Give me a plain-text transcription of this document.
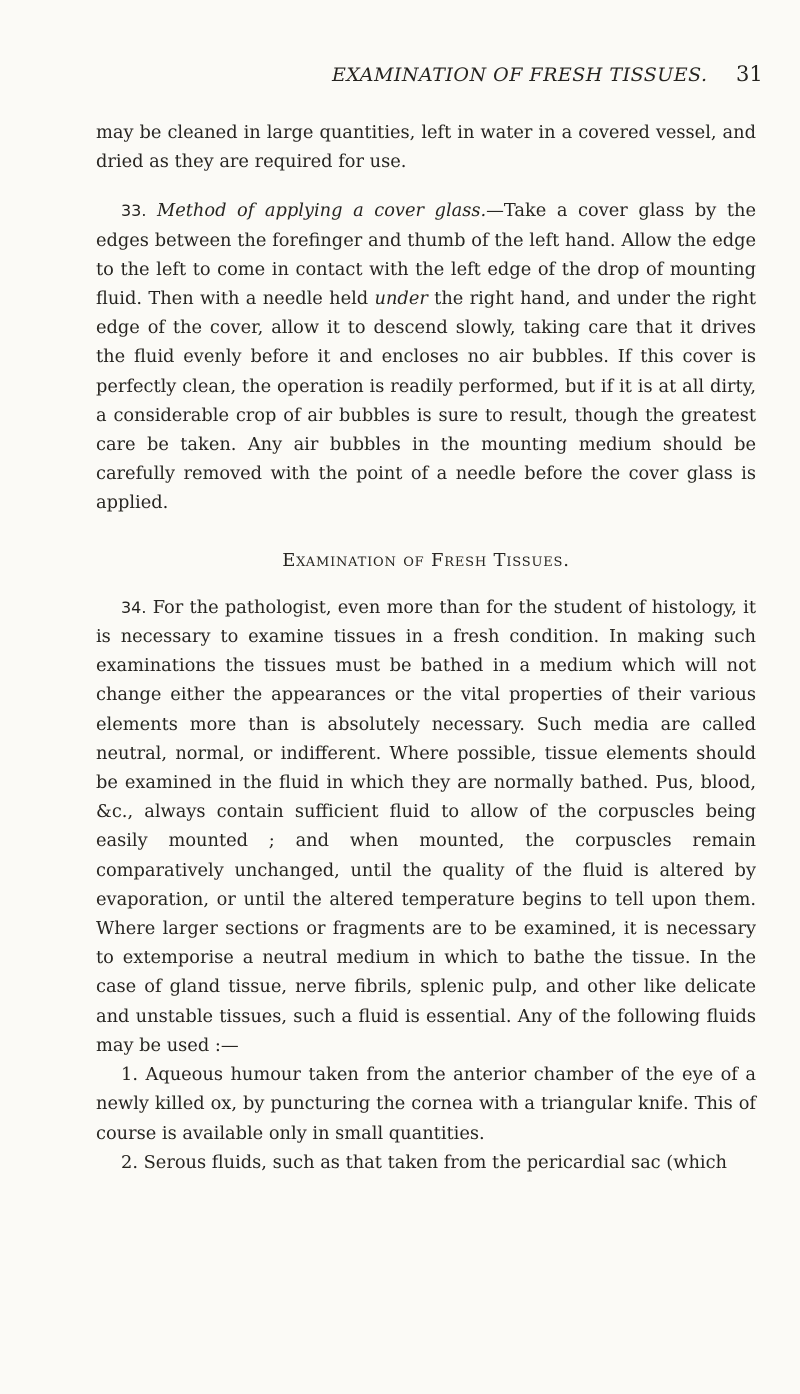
EXAMINATION OF FRESH TISSUES. 31

may be cleaned in large quantities, left in water in a covered vessel, and dried as they are required for use.

33. Method of applying a cover glass.—Take a cover glass by the edges between the forefinger and thumb of the left hand. Allow the edge to the left to come in contact with the left edge of the drop of mounting fluid. Then with a needle held under the right hand, and under the right edge of the cover, allow it to descend slowly, taking care that it drives the fluid evenly before it and encloses no air bubbles. If this cover is perfectly clean, the operation is readily performed, but if it is at all dirty, a considerable crop of air bubbles is sure to result, though the greatest care be taken. Any air bubbles in the mounting medium should be carefully removed with the point of a needle before the cover glass is applied.

Examination of Fresh Tissues.

34. For the pathologist, even more than for the student of histology, it is necessary to examine tissues in a fresh condition. In making such examinations the tissues must be bathed in a medium which will not change either the appearances or the vital properties of their various elements more than is absolutely necessary. Such media are called neutral, normal, or indifferent. Where possible, tissue elements should be examined in the fluid in which they are normally bathed. Pus, blood, &c., always contain sufficient fluid to allow of the corpuscles being easily mounted ; and when mounted, the corpuscles remain comparatively unchanged, until the quality of the fluid is altered by evaporation, or until the altered temperature begins to tell upon them. Where larger sections or fragments are to be examined, it is necessary to extemporise a neutral medium in which to bathe the tissue. In the case of gland tissue, nerve fibrils, splenic pulp, and other like delicate and unstable tissues, such a fluid is essential. Any of the following fluids may be used :—

1. Aqueous humour taken from the anterior chamber of the eye of a newly killed ox, by puncturing the cornea with a triangular knife. This of course is available only in small quantities.

2. Serous fluids, such as that taken from the pericardial sac (which
